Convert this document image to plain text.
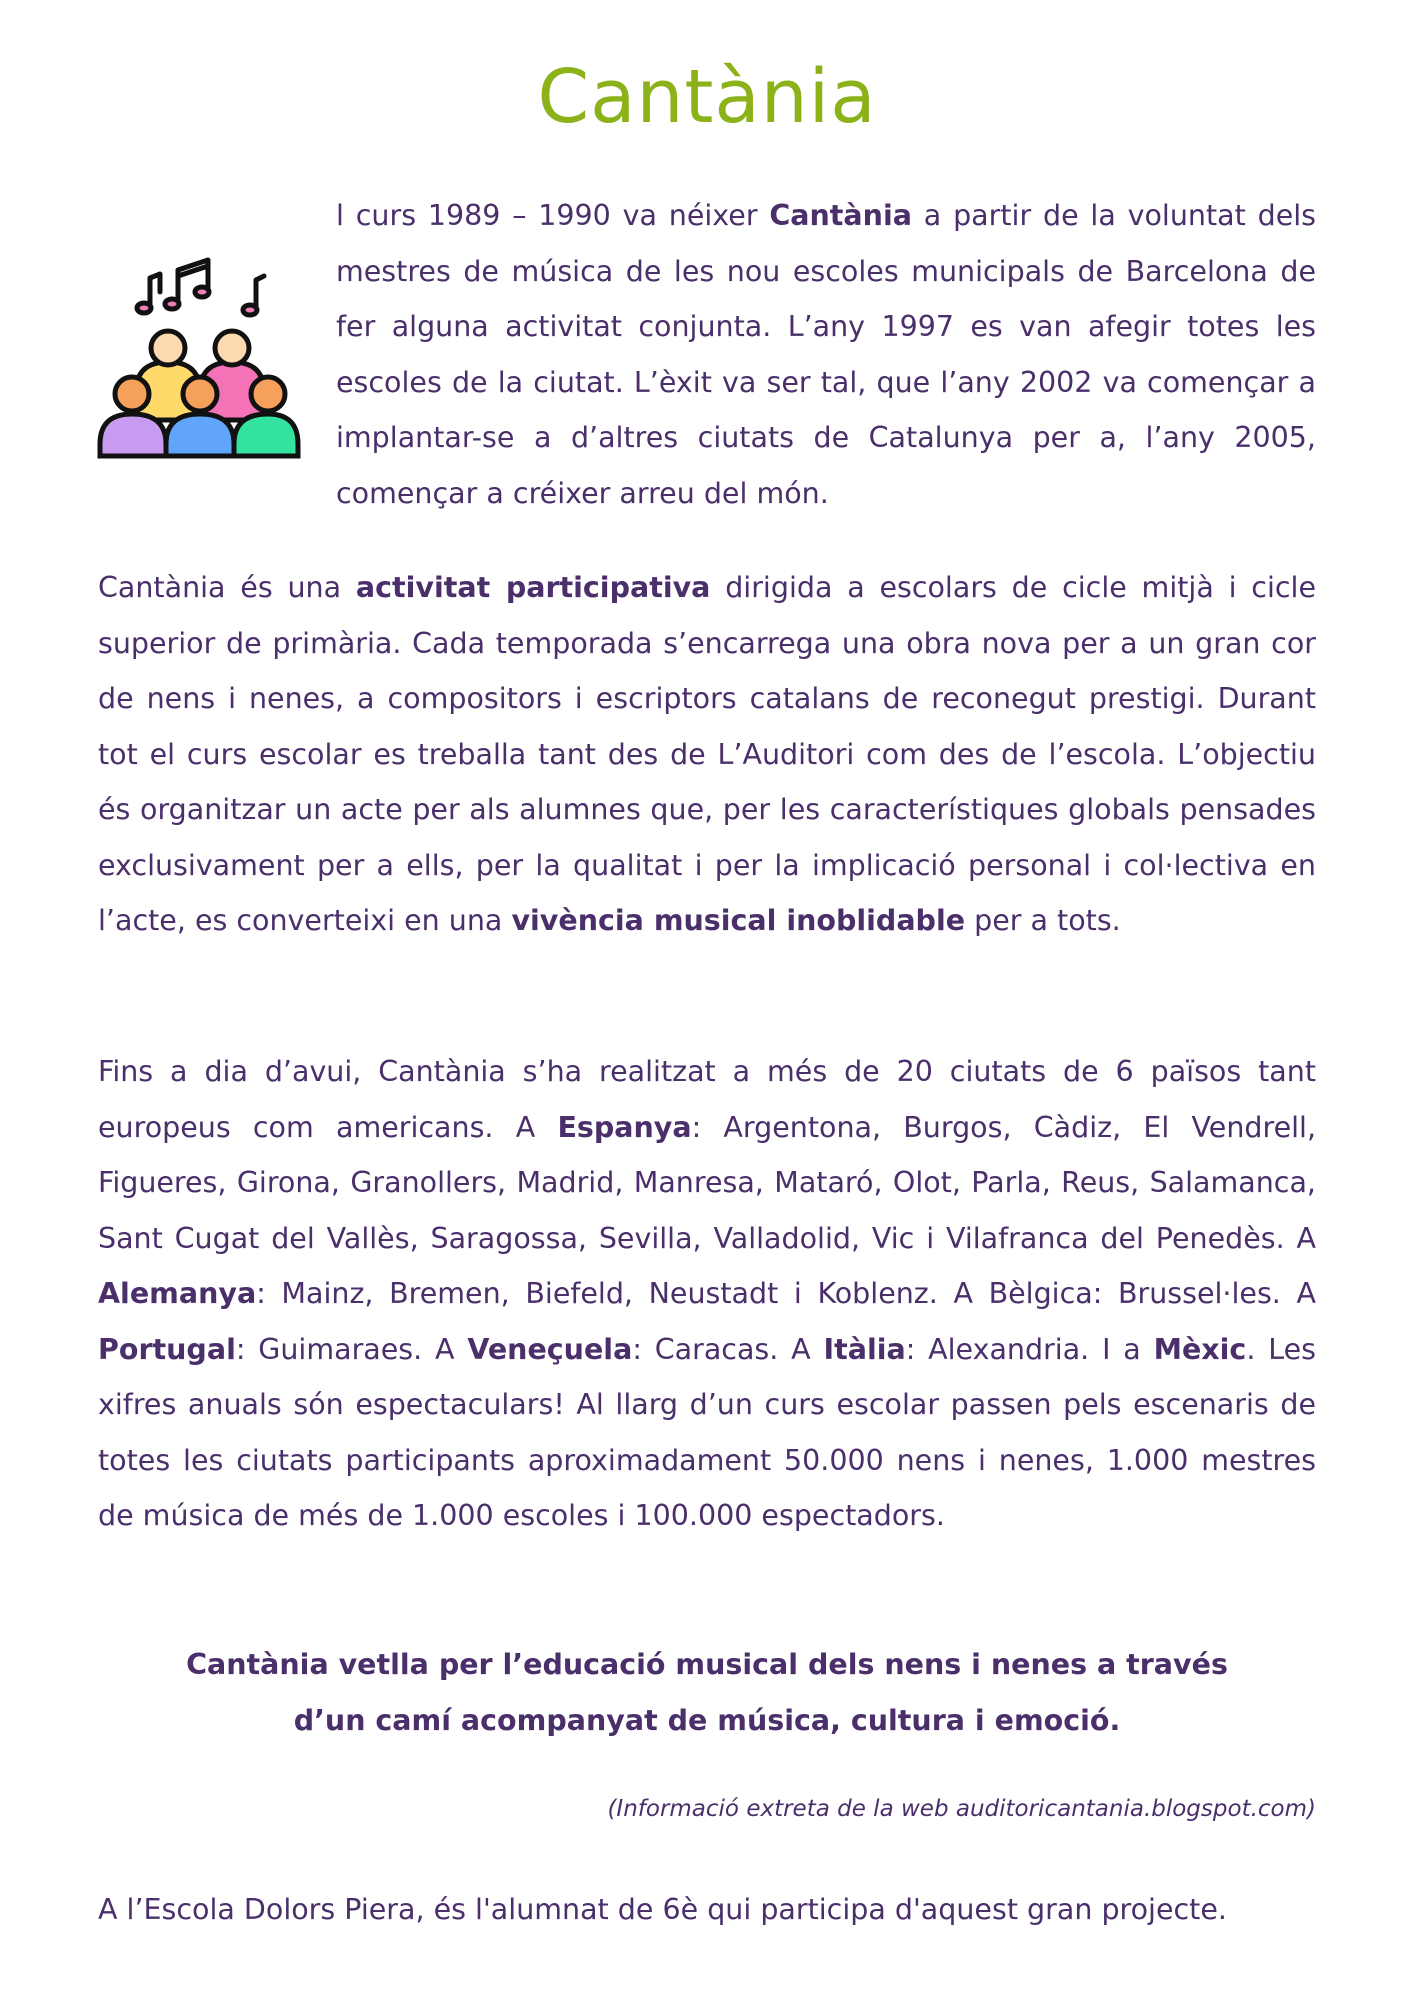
Cantània

l curs 1989 – 1990 va néixer Cantània a partir de la voluntat dels mestres de música de les nou escoles municipals de Barcelona de fer alguna activitat conjunta. L’any 1997 es van afegir totes les escoles de la ciutat. L’èxit va ser tal, que l’any 2002 va començar a implantar-se a d’altres ciutats de Catalunya per a, l’any 2005, començar a créixer arreu del món.

Cantània és una activitat participativa dirigida a escolars de cicle mitjà i cicle superior de primària. Cada temporada s’encarrega una obra nova per a un gran cor de nens i nenes, a compositors i escriptors catalans de reconegut prestigi. Durant tot el curs escolar es treballa tant des de L’Auditori com des de l’escola. L’objectiu és organitzar un acte per als alumnes que, per les característiques globals pensades exclusivament per a ells, per la qualitat i per la implicació personal i col·lectiva en l’acte, es converteixi en una vivència musical inoblidable per a tots.

Fins a dia d’avui, Cantània s’ha realitzat a més de 20 ciutats de 6 països tant europeus com americans. A Espanya: Argentona, Burgos, Càdiz, El Vendrell, Figueres, Girona, Granollers, Madrid, Manresa, Mataró, Olot, Parla, Reus, Salamanca, Sant Cugat del Vallès, Saragossa, Sevilla, Valladolid, Vic i Vilafranca del Penedès. A Alemanya: Mainz, Bremen, Biefeld, Neustadt i Koblenz. A Bèlgica: Brussel·les. A Portugal: Guimaraes. A Veneçuela: Caracas. A Itàlia: Alexandria. I a Mèxic. Les xifres anuals són espectaculars! Al llarg d’un curs escolar passen pels escenaris de totes les ciutats participants aproximadament 50.000 nens i nenes, 1.000 mestres de música de més de 1.000 escoles i 100.000 espectadors.

Cantània vetlla per l’educació musical dels nens i nenes a través
d’un camí acompanyat de música, cultura i emoció.

(Informació extreta de la web auditoricantania.blogspot.com)

A l’Escola Dolors Piera, és l'alumnat de 6è qui participa d'aquest gran projecte.
